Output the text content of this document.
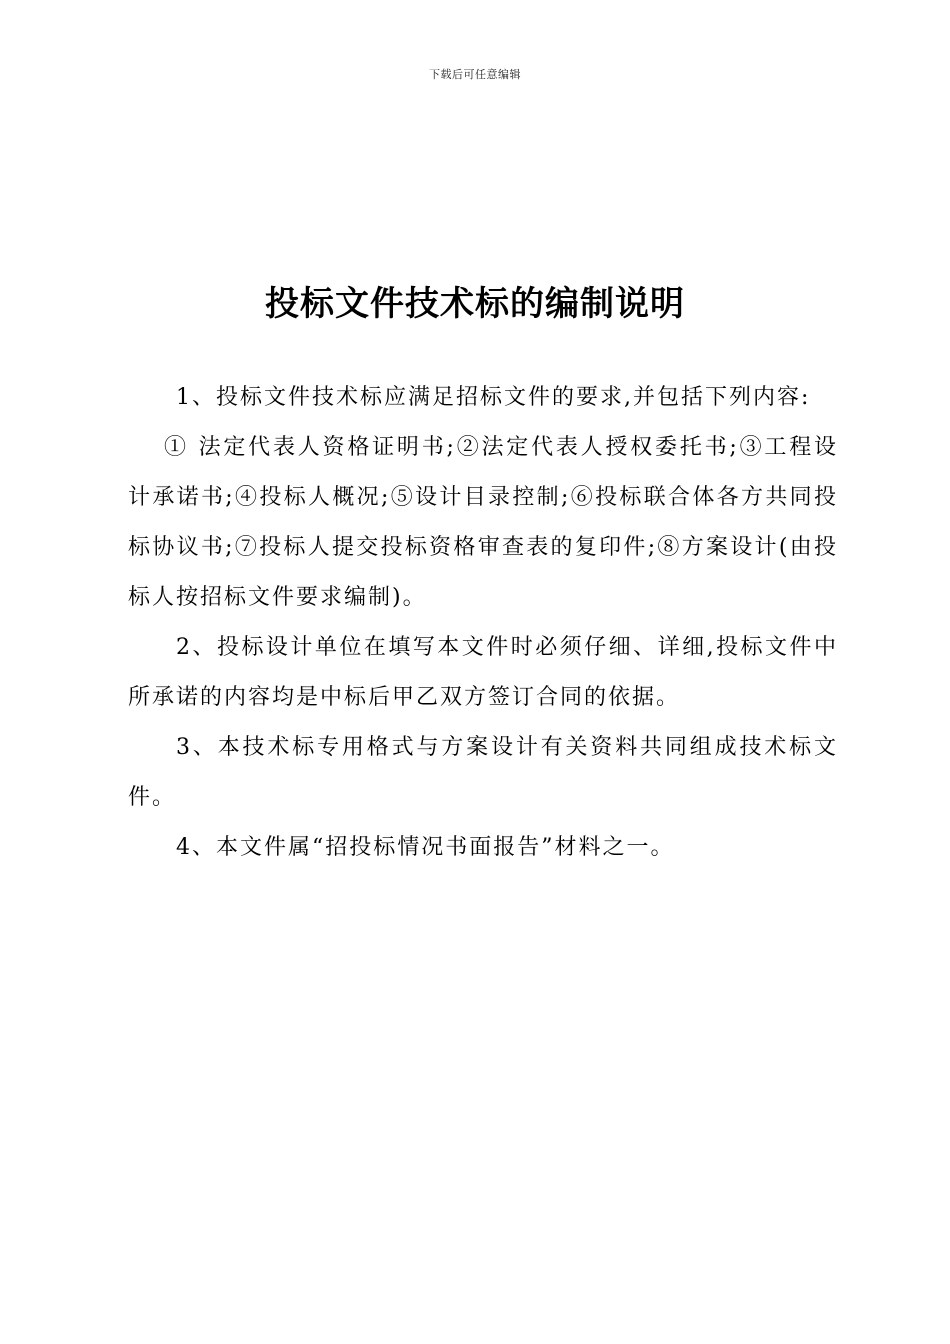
下载后可任意编辑
投标文件技术标的编制说明

1、投标文件技术标应满足招标文件的要求,并包括下列内容:

① 法定代表人资格证明书;②法定代表人授权委托书;③工程设计承诺书;④投标人概况;⑤设计目录控制;⑥投标联合体各方共同投标协议书;⑦投标人提交投标资格审查表的复印件;⑧方案设计(由投标人按招标文件要求编制)。

2、投标设计单位在填写本文件时必须仔细、详细,投标文件中所承诺的内容均是中标后甲乙双方签订合同的依据。

3、本技术标专用格式与方案设计有关资料共同组成技术标文件。

4、本文件属“招投标情况书面报告”材料之一。
